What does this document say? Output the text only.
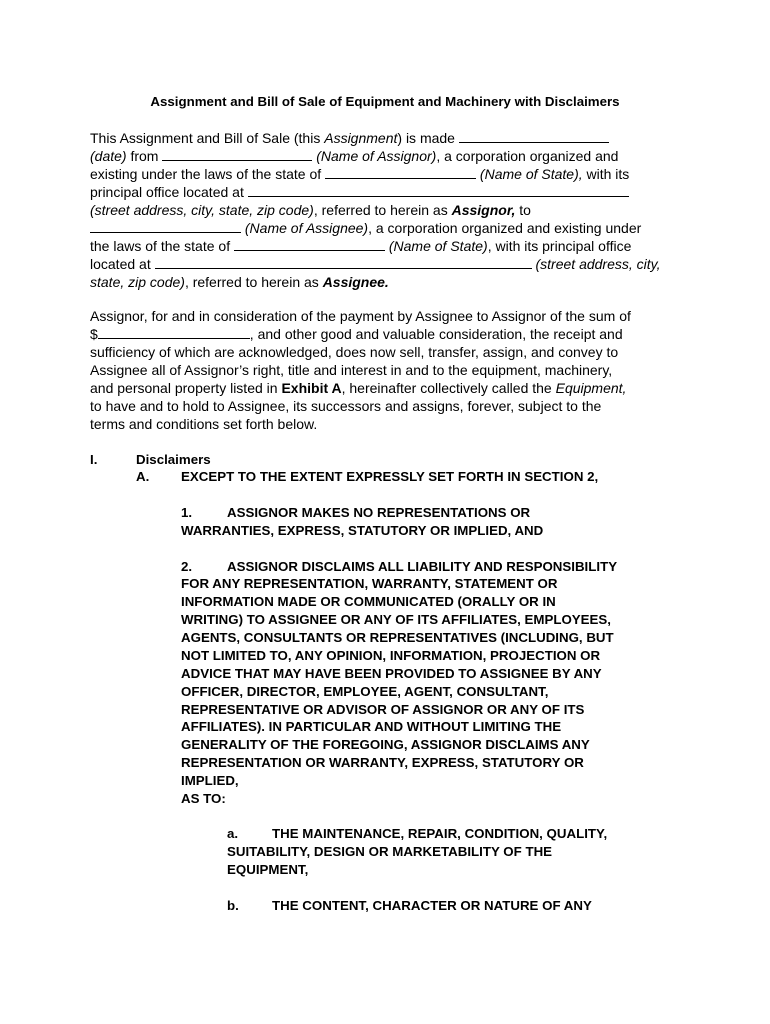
Assignment and Bill of Sale of Equipment and Machinery with Disclaimers
This Assignment and Bill of Sale (this Assignment) is made
(date) from	(Name of Assignor), a corporation organized and
existing under the laws of the state of	(Name of State), with its
principal office located at
(street address, city, state, zip code), referred to herein as Assignor, to
(Name of Assignee), a corporation organized and existing under
the laws of the state of	(Name of State), with its principal office
located at	(street address, city,
state, zip code), referred to herein as Assignee.
Assignor, for and in consideration of the payment by Assignee to Assignor of the sum of
$	, and other good and valuable consideration, the receipt and
sufficiency of which are acknowledged, does now sell, transfer, assign, and convey to
Assignee all of Assignor’s right, title and interest in and to the equipment, machinery,
and personal property listed in Exhibit A, hereinafter collectively called the Equipment,
to have and to hold to Assignee, its successors and assigns, forever, subject to the
terms and conditions set forth below.
I.	Disclaimers
A. EXCEPT TO THE EXTENT EXPRESSLY SET FORTH IN SECTION 2,
1.	ASSIGNOR MAKES NO REPRESENTATIONS OR
WARRANTIES, EXPRESS, STATUTORY OR IMPLIED, AND
2.	ASSIGNOR DISCLAIMS ALL LIABILITY AND RESPONSIBILITY
FOR ANY REPRESENTATION, WARRANTY, STATEMENT OR
INFORMATION MADE OR COMMUNICATED (ORALLY OR IN
WRITING) TO ASSIGNEE OR ANY OF ITS AFFILIATES, EMPLOYEES,
AGENTS, CONSULTANTS OR REPRESENTATIVES (INCLUDING, BUT
NOT LIMITED TO, ANY OPINION, INFORMATION, PROJECTION OR
ADVICE THAT MAY HAVE BEEN PROVIDED TO ASSIGNEE BY ANY
OFFICER, DIRECTOR, EMPLOYEE, AGENT, CONSULTANT,
REPRESENTATIVE OR ADVISOR OF ASSIGNOR OR ANY OF ITS
AFFILIATES). IN PARTICULAR AND WITHOUT LIMITING THE
GENERALITY OF THE FOREGOING, ASSIGNOR DISCLAIMS ANY
REPRESENTATION OR WARRANTY, EXPRESS, STATUTORY OR
IMPLIED,
AS TO:
a.	THE MAINTENANCE, REPAIR, CONDITION, QUALITY,
SUITABILITY, DESIGN OR MARKETABILITY OF THE
EQUIPMENT,
b. THE CONTENT, CHARACTER OR NATURE OF ANY
